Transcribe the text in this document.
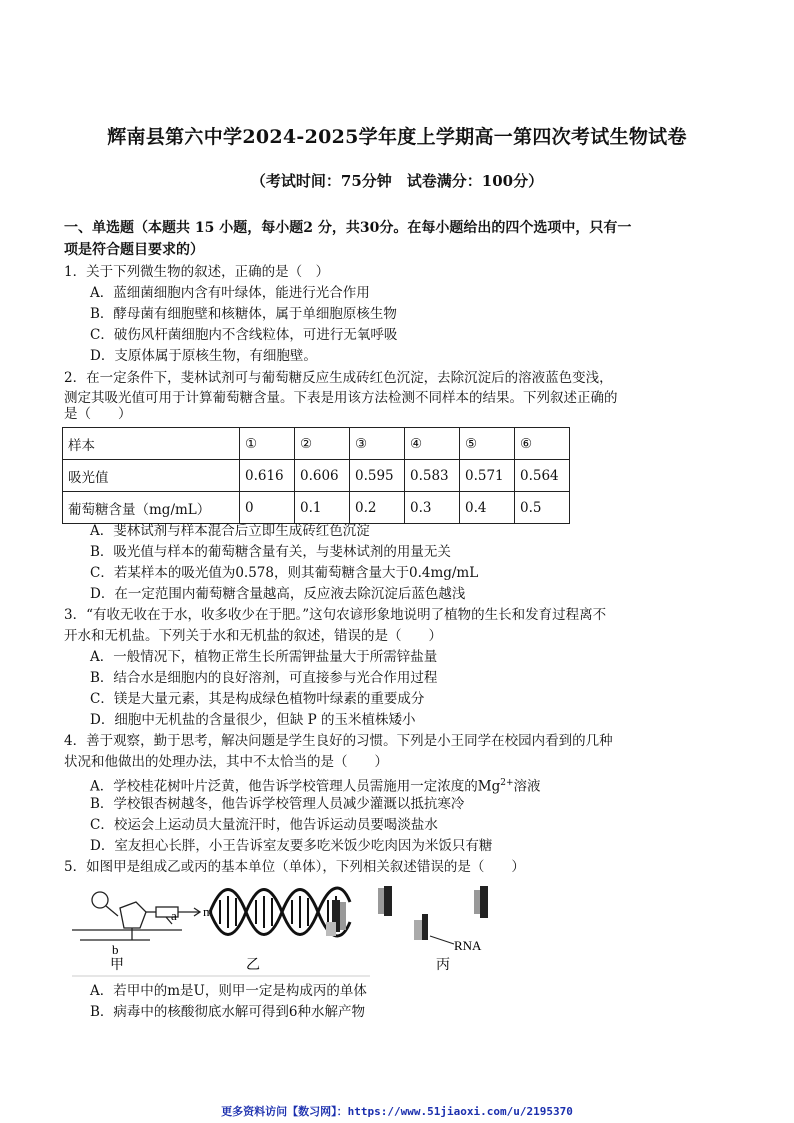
辉南县第六中学2024-2025学年度上学期高一第四次考试生物试卷
（考试时间：75分钟　试卷满分：100分）
一、单选题（本题共 15 小题，每小题2 分，共30分。在每小题给出的四个选项中，只有一
项是符合题目要求的）
1．关于下列微生物的叙述，正确的是（　）
A．蓝细菌细胞内含有叶绿体，能进行光合作用
B．酵母菌有细胞壁和核糖体，属于单细胞原核生物
C．破伤风杆菌细胞内不含线粒体，可进行无氧呼吸
D．支原体属于原核生物，有细胞壁。
2．在一定条件下，斐林试剂可与葡萄糖反应生成砖红色沉淀，去除沉淀后的溶液蓝色变浅，
测定其吸光值可用于计算葡萄糖含量。下表是用该方法检测不同样本的结果。下列叙述正确的
是（　　）
样本	①	②	③	④	⑤	⑥
吸光值	0.616	0.606	0.595	0.583	0.571	0.564
葡萄糖含量（mg/mL）	0	0.1	0.2	0.3	0.4	0.5
A．斐林试剂与样本混合后立即生成砖红色沉淀
B．吸光值与样本的葡萄糖含量有关，与斐林试剂的用量无关
C．若某样本的吸光值为0.578，则其葡萄糖含量大于0.4mg/mL
D．在一定范围内葡萄糖含量越高，反应液去除沉淀后蓝色越浅
3．“有收无收在于水，收多收少在于肥。”这句农谚形象地说明了植物的生长和发育过程离不
开水和无机盐。下列关于水和无机盐的叙述，错误的是（　　）
A．一般情况下，植物正常生长所需钾盐量大于所需锌盐量
B．结合水是细胞内的良好溶剂，可直接参与光合作用过程
C．镁是大量元素，其是构成绿色植物叶绿素的重要成分
D．细胞中无机盐的含量很少，但缺 P 的玉米植株矮小
4．善于观察，勤于思考，解决问题是学生良好的习惯。下列是小王同学在校园内看到的几种
状况和他做出的处理办法，其中不太恰当的是（　　）
A．学校桂花树叶片泛黄，他告诉学校管理人员需施用一定浓度的$Mg^{2+}$溶液
B．学校银杏树越冬，他告诉学校管理人员减少灌溉以抵抗寒冷
C．校运会上运动员大量流汗时，他告诉运动员要喝淡盐水
D．室友担心长胖，小王告诉室友要多吃米饭少吃肉因为米饭只有糖
5．如图甲是组成乙或丙的基本单位（单体），下列相关叙述错误的是（　　）
m
a
b
甲	乙
RNA
丙
A．若甲中的m是U，则甲一定是构成丙的单体
B．病毒中的核酸彻底水解可得到6种水解产物
更多资料访问【数习网】：https://www.51jiaoxi.com/u/2195370
